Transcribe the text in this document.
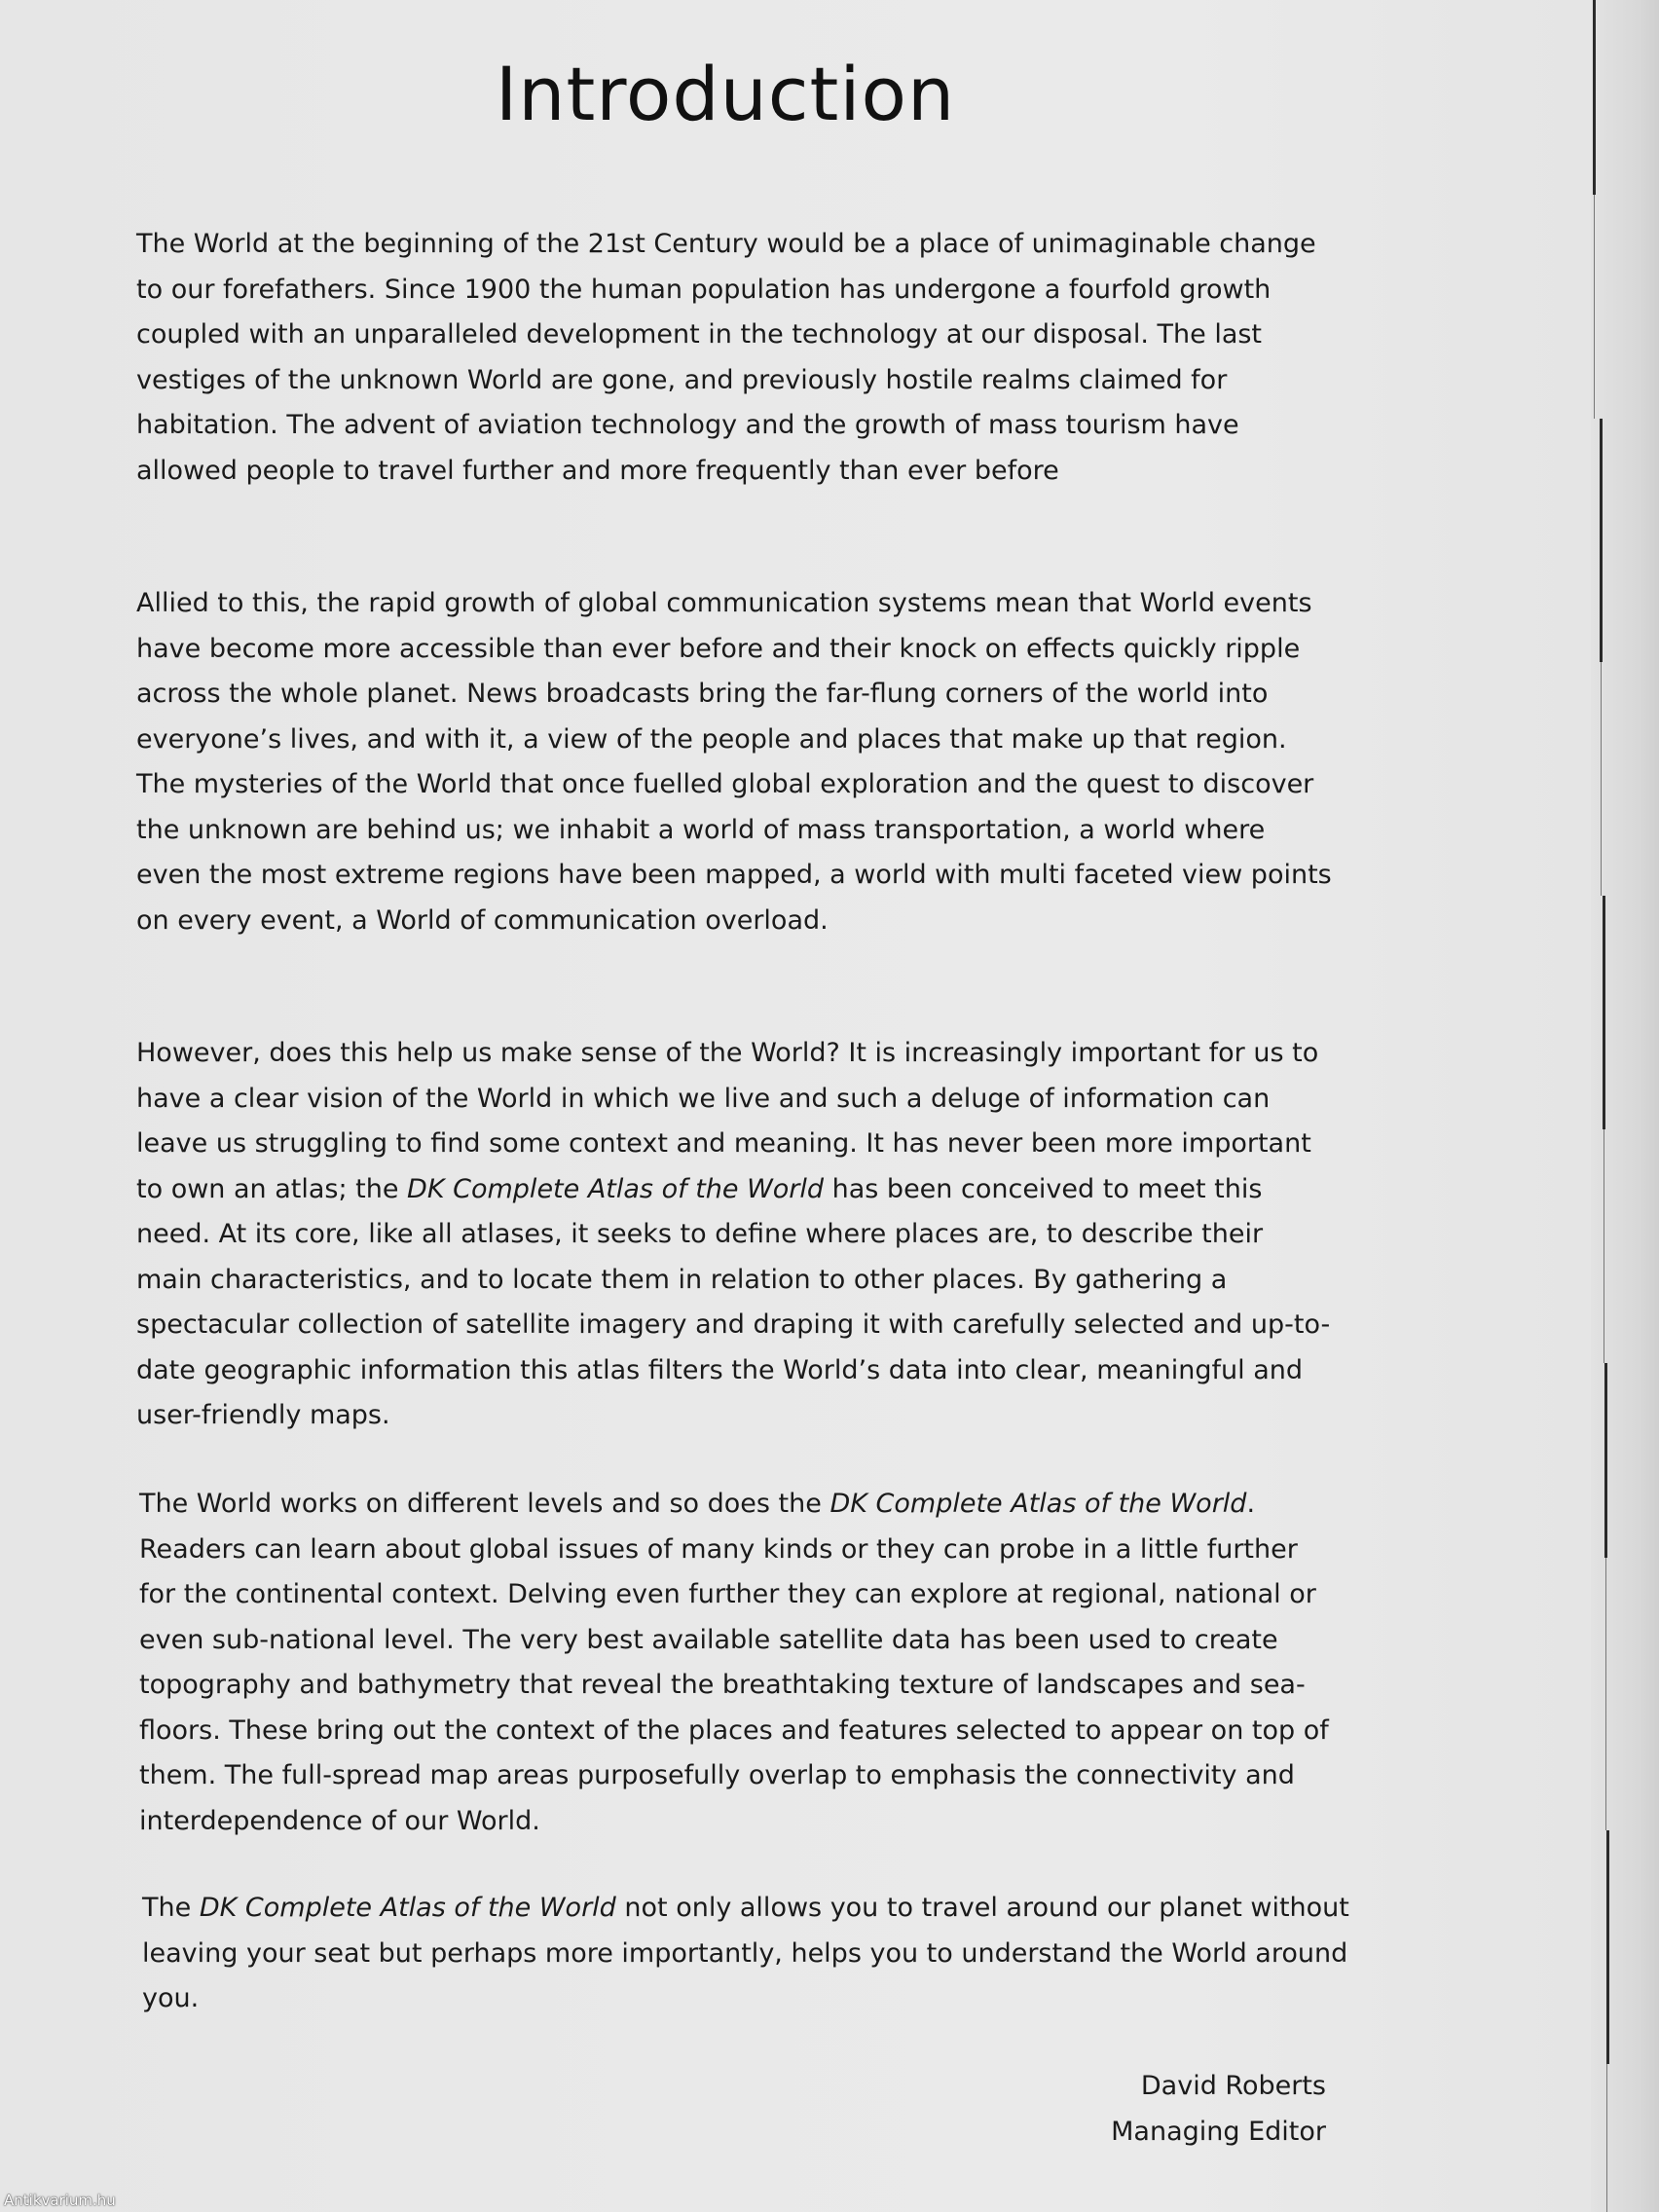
Introduction

The World at the beginning of the 21st Century would be a place of unimaginable change to our forefathers. Since 1900 the human population has undergone a fourfold growth coupled with an unparalleled development in the technology at our disposal. The last vestiges of the unknown World are gone, and previously hostile realms claimed for habitation. The advent of aviation technology and the growth of mass tourism have allowed people to travel further and more frequently than ever before

Allied to this, the rapid growth of global communication systems mean that World events have become more accessible than ever before and their knock on effects quickly ripple across the whole planet. News broadcasts bring the far-flung corners of the world into everyone’s lives, and with it, a view of the people and places that make up that region. The mysteries of the World that once fuelled global exploration and the quest to discover the unknown are behind us; we inhabit a world of mass transportation, a world where even the most extreme regions have been mapped, a world with multi faceted view points on every event, a World of communication overload.

However, does this help us make sense of the World? It is increasingly important for us to have a clear vision of the World in which we live and such a deluge of information can leave us struggling to find some context and meaning. It has never been more important to own an atlas; the DK Complete Atlas of the World has been conceived to meet this need. At its core, like all atlases, it seeks to define where places are, to describe their main characteristics, and to locate them in relation to other places. By gathering a spectacular collection of satellite imagery and draping it with carefully selected and up-to-date geographic information this atlas filters the World’s data into clear, meaningful and user-friendly maps.

The World works on different levels and so does the DK Complete Atlas of the World. Readers can learn about global issues of many kinds or they can probe in a little further for the continental context. Delving even further they can explore at regional, national or even sub-national level. The very best available satellite data has been used to create topography and bathymetry that reveal the breathtaking texture of landscapes and sea-floors. These bring out the context of the places and features selected to appear on top of them. The full-spread map areas purposefully overlap to emphasis the connectivity and interdependence of our World.

The DK Complete Atlas of the World not only allows you to travel around our planet without leaving your seat but perhaps more importantly, helps you to understand the World around you.

David Roberts
Managing Editor
Antikvarium.hu
